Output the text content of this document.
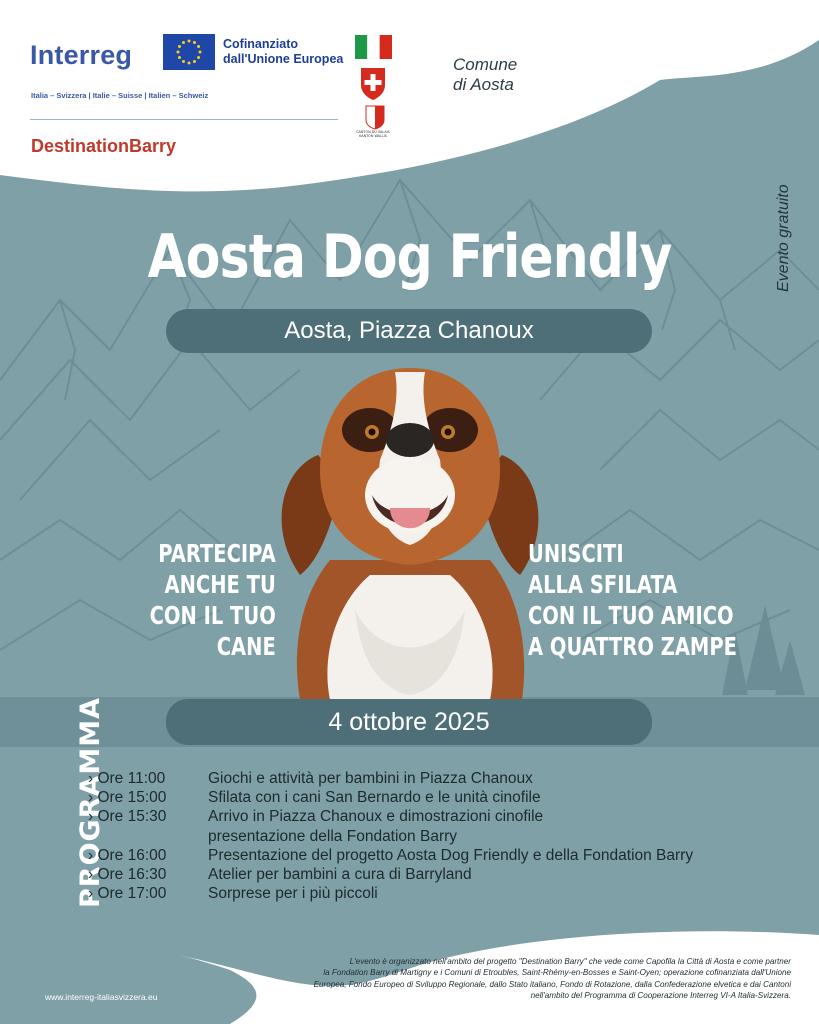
Interreg
Italia – Svizzera | Italie – Suisse | Italien – Schweiz
Cofinanziato
dall'Unione Europea
DestinationBarry
CANTON DU VALAIS KANTON WALLIS
Comune
di Aosta
Evento gratuito
Aosta Dog Friendly
Aosta, Piazza Chanoux
PARTECIPA
ANCHE TU
CON IL TUO
CANE
UNISCITI
ALLA SFILATA
CON IL TUO AMICO
A QUATTRO ZAMPE
4 ottobre 2025
PROGRAMMA
› Ore 11:00	Giochi e attività per bambini in Piazza Chanoux
› Ore 15:00	Sfilata con i cani San Bernardo e le unità cinofile
› Ore 15:30	Arrivo in Piazza Chanoux e dimostrazioni cinofile presentazione della Fondation Barry
› Ore 16:00	Presentazione del progetto Aosta Dog Friendly e della Fondation Barry
› Ore 16:30	Atelier per bambini a cura di Barryland
› Ore 17:00	Sorprese per i più piccoli
L'evento è organizzato nell'ambito del progetto "Destination Barry" che vede come Capofila la Città di Aosta e come partner
la Fondation Barry di Martigny e i Comuni di Etroubles, Saint-Rhémy-en-Bosses e Saint-Oyen; operazione cofinanziata dall'Unione
Europea, Fondo Europeo di Sviluppo Regionale, dallo Stato italiano, Fondo di Rotazione, dalla Confederazione elvetica e dai Cantoni
nell'ambito del Programma di Cooperazione Interreg VI-A Italia-Svizzera.
www.interreg-italiasvizzera.eu
